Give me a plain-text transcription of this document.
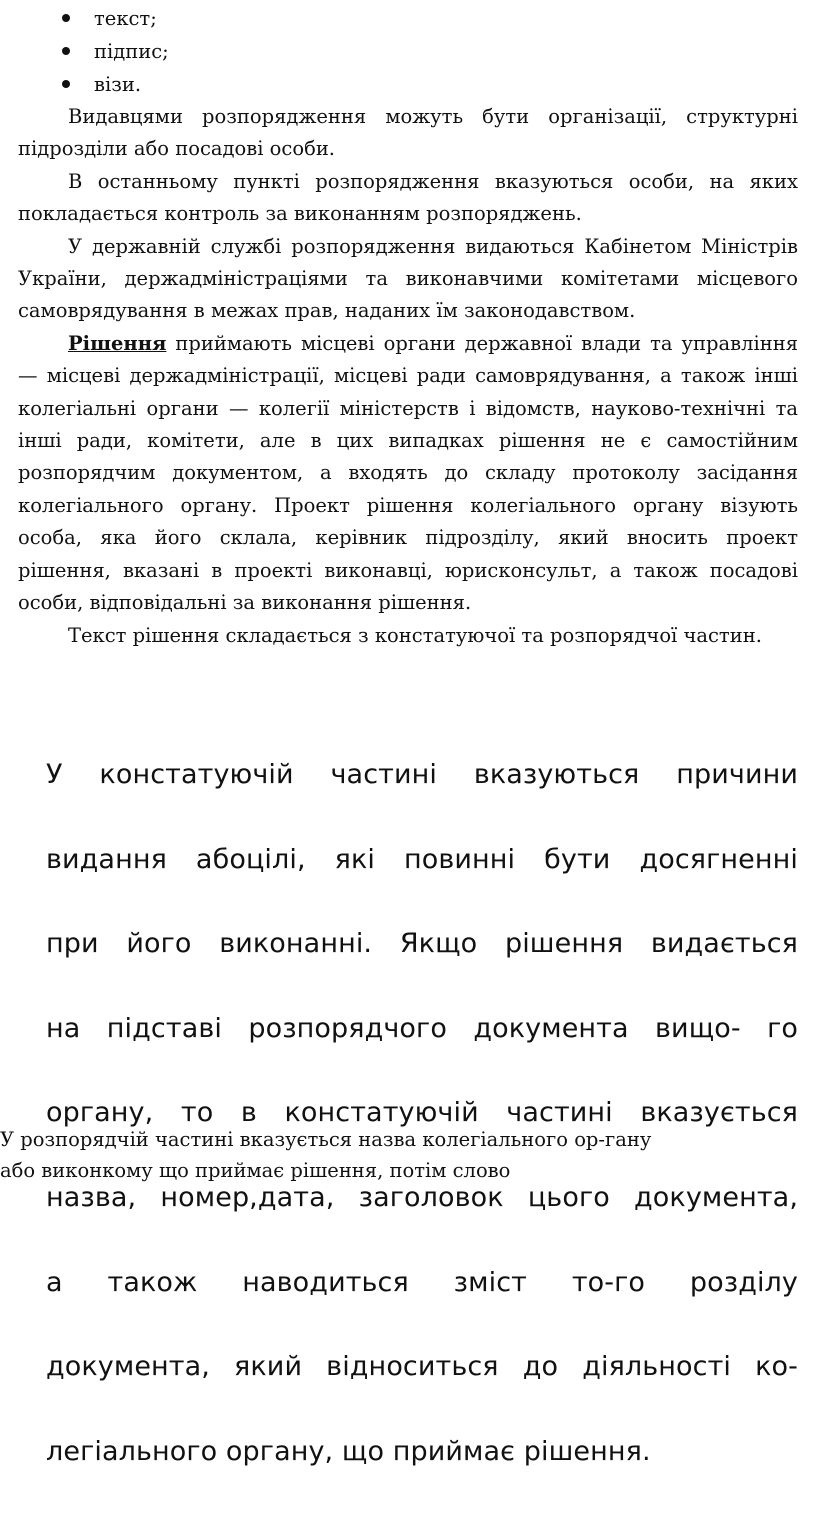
текст;
підпис;
візи.

Видавцями розпорядження можуть бути організації, структурні підрозділи або посадові особи.

В останньому пункті розпорядження вказуються особи, на яких покладається контроль за виконанням розпоряджень.

У державній службі розпорядження видаються Кабінетом Міністрів України, держадміністраціями та виконавчими комітетами місцевого самоврядування в межах прав, наданих їм законодавством.

Рішення приймають місцеві органи державної влади та управління — місцеві держадміністрації, місцеві ради самоврядування, а також інші колегіальні органи — колегії міністерств і відомств, науково-технічні та інші ради, комітети, але в цих випадках рішення не є самостійним розпорядчим документом, а входять до складу протоколу засідання колегіального органу. Проект рішення колегіального органу візують особа, яка його склала, керівник підрозділу, який вносить проект рішення, вказані в проекті виконавці, юрисконсульт, а також посадові особи, відповідальні за виконання рішення.

Текст рішення складається з констатуючої та розпорядчої частин.

У констатуючій частині вказуються причини

видання абоцілі, які повинні бути досягненні

при його виконанні. Якщо рішення видається

на підставі розпорядчого документа вищо- го

органу, то в констатуючій частині вказується

назва, номер,дата, заголовок цього документа,

а також наводиться зміст то-го розділу

документа, який відноситься до діяльності ко-

легіального органу, що приймає рішення.

У розпорядчій частині вказується назва колегіального ор-гану

або виконкому що приймає рішення, потім слово
